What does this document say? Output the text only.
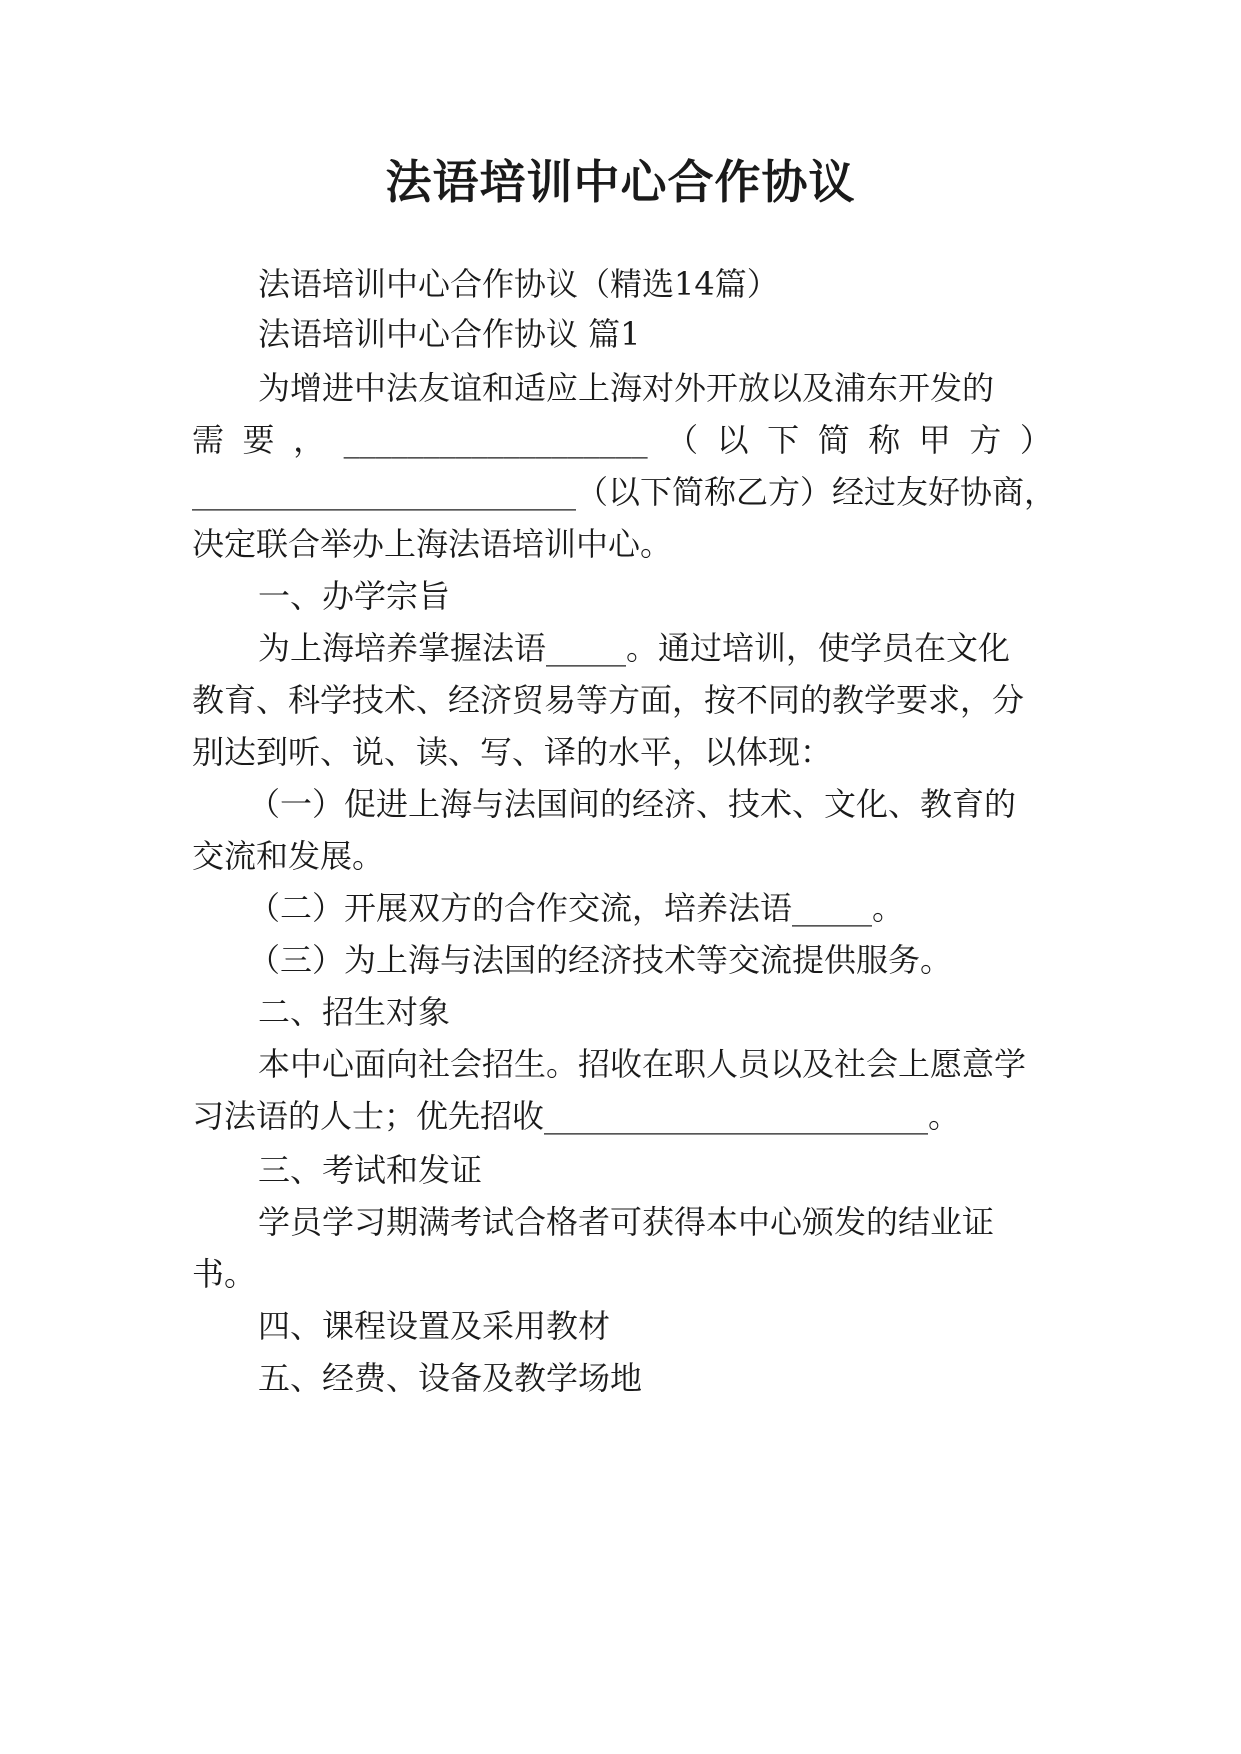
法语培训中心合作协议
法语培训中心合作协议（精选14篇）
法语培训中心合作协议 篇1
为增进中法友谊和适应上海对外开放以及浦东开发的
需 要 ， ___________________ （ 以 下 简 称 甲 方 ）
________________________（以下简称乙方）经过友好协商，
决定联合举办上海法语培训中心。
一、办学宗旨
为上海培养掌握法语_____。通过培训，使学员在文化
教育、科学技术、经济贸易等方面，按不同的教学要求，分
别达到听、说、读、写、译的水平，以体现：
（一）促进上海与法国间的经济、技术、文化、教育的
交流和发展。
（二）开展双方的合作交流，培养法语_____。
（三）为上海与法国的经济技术等交流提供服务。
二、招生对象
本中心面向社会招生。招收在职人员以及社会上愿意学
习法语的人士；优先招收________________________。
三、考试和发证
学员学习期满考试合格者可获得本中心颁发的结业证
书。
四、课程设置及采用教材
五、经费、设备及教学场地
